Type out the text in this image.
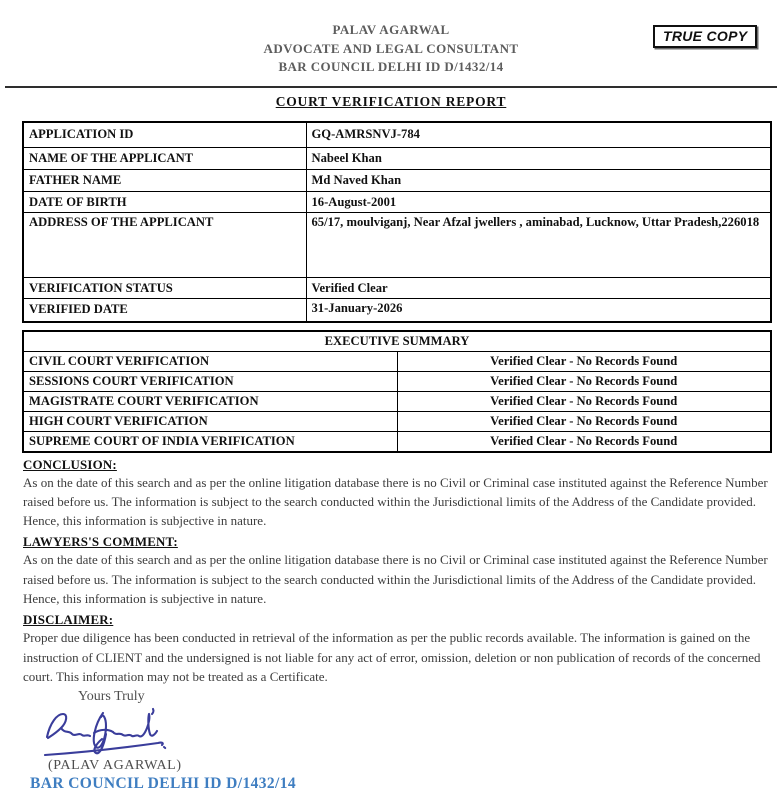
TRUE COPY
PALAV AGARWAL
ADVOCATE AND LEGAL CONSULTANT
BAR COUNCIL DELHI ID D/1432/14
COURT VERIFICATION REPORT
APPLICATION ID	GQ-AMRSNVJ-784
NAME OF THE APPLICANT	Nabeel Khan
FATHER NAME	Md Naved Khan
DATE OF BIRTH	16-August-2001
ADDRESS OF THE APPLICANT	65/17, moulviganj, Near Afzal jwellers , aminabad, Lucknow, Uttar Pradesh,226018
VERIFICATION STATUS	Verified Clear
VERIFIED DATE	31-January-2026
EXECUTIVE SUMMARY	
CIVIL COURT VERIFICATION	Verified Clear - No Records Found
SESSIONS COURT VERIFICATION	Verified Clear - No Records Found
MAGISTRATE COURT VERIFICATION	Verified Clear - No Records Found
HIGH COURT VERIFICATION	Verified Clear - No Records Found
SUPREME COURT OF INDIA VERIFICATION	Verified Clear - No Records Found
CONCLUSION:
As on the date of this search and as per the online litigation database there is no Civil or Criminal case instituted against the Reference Number raised before us. The information is subject to the search conducted within the Jurisdictional limits of the Address of the Candidate provided. Hence, this information is subjective in nature.
LAWYERS'S COMMENT:
As on the date of this search and as per the online litigation database there is no Civil or Criminal case instituted against the Reference Number raised before us. The information is subject to the search conducted within the Jurisdictional limits of the Address of the Candidate provided. Hence, this information is subjective in nature.
DISCLAIMER:
Proper due diligence has been conducted in retrieval of the information as per the public records available. The information is gained on the instruction of CLIENT and the undersigned is not liable for any act of error, omission, deletion or non publication of records of the concerned court. This information may not be treated as a Certificate.
Yours Truly
(PALAV AGARWAL)
BAR COUNCIL DELHI ID D/1432/14
